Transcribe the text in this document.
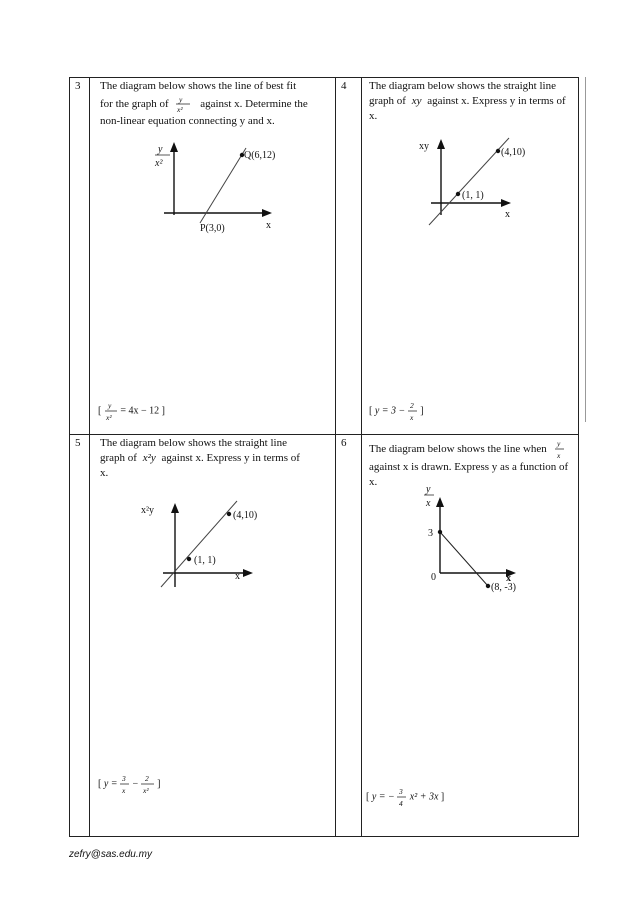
3 The diagram below shows the line of best fit
for the graph of y
x² against x. Determine the
non-linear equation connecting y and x.
y
x²
Q(6,12)
P(3,0)	x
[ y
x²
= 4x − 12 ]
4 The diagram below shows the straight line
graph of xy against x. Express y in terms of
x.
xy
x
(4,10)
(1, 1)
[ y = 3 − 2
x
]
5 The diagram below shows the straight line
graph of x²y against x. Express y in terms of
x.
x²y
x
(4,10)
(1, 1)
[ y = 3
x
− 2
x²
]
6 The diagram below shows the line when y
x
against x is drawn. Express y as a function of
x.
y
x
x
3
0
(8, -3)
[ y = − 3
4
x² + 3x ]
zefry@sas.edu.my
